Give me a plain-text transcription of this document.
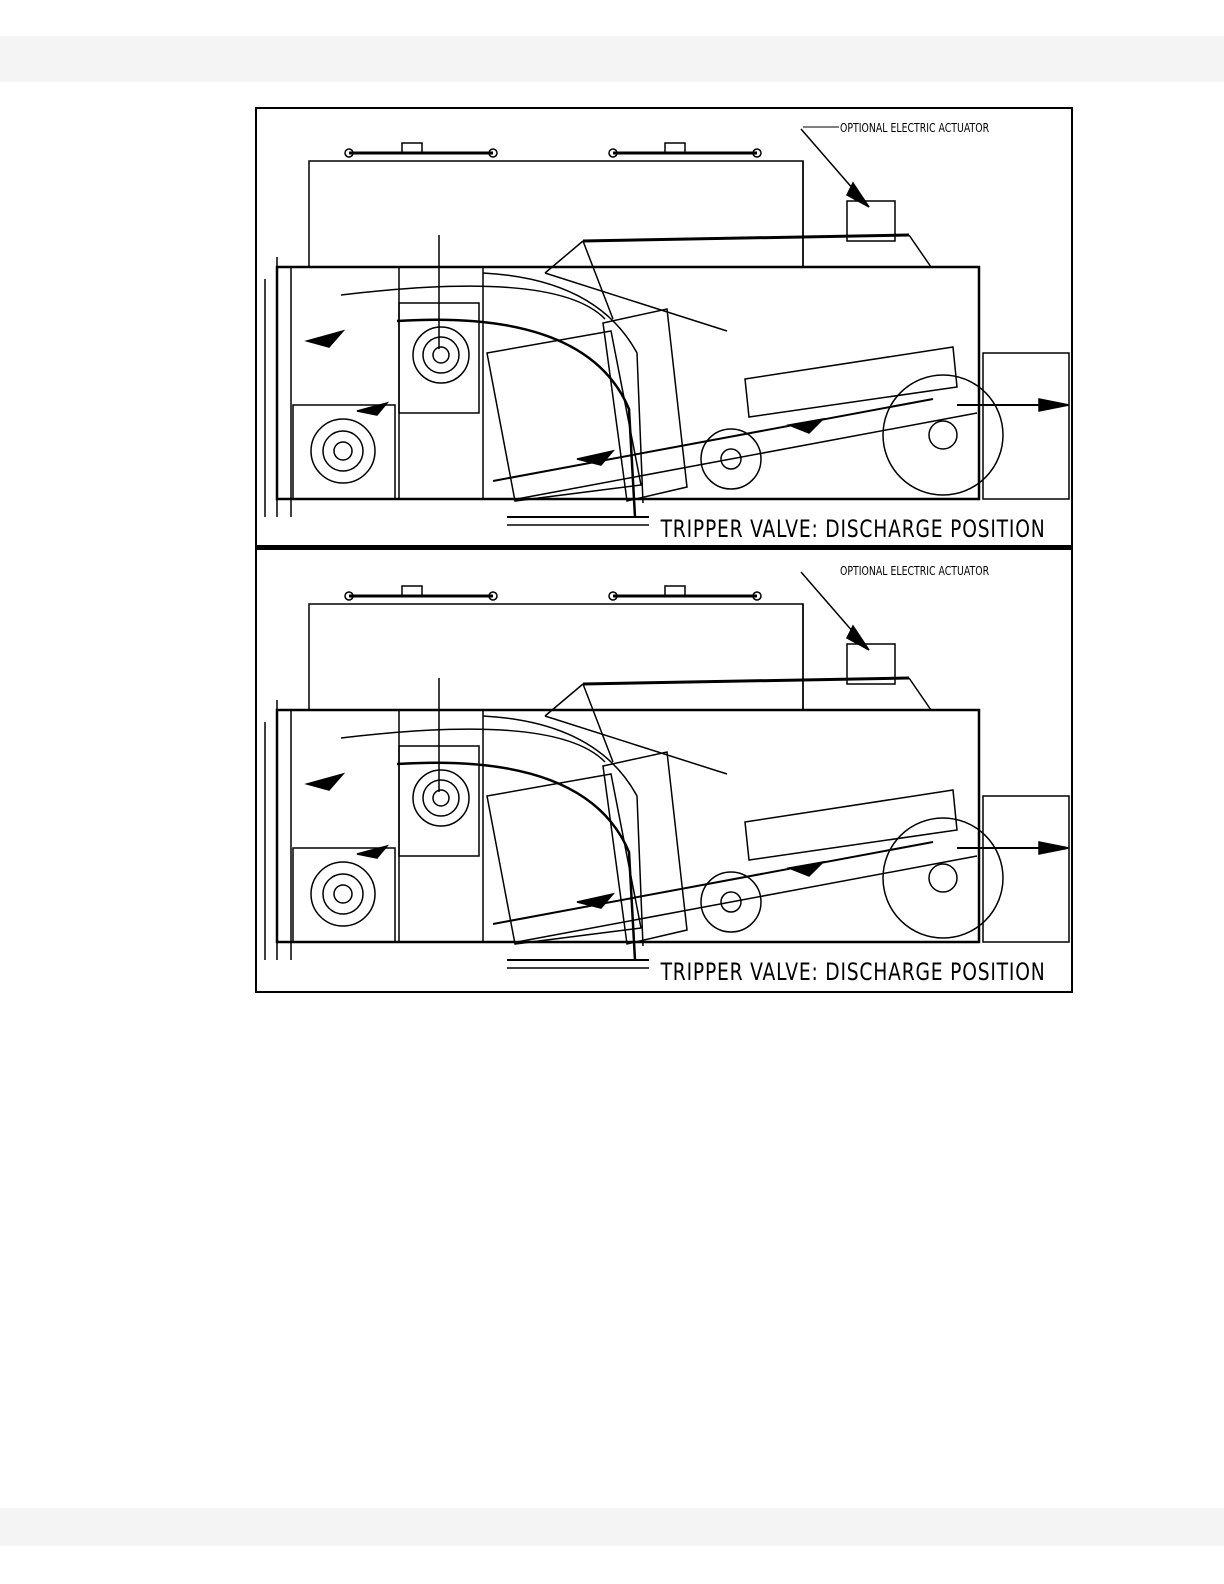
OPTIONAL ELECTRIC ACTUATOR
TRIPPER VALVE: DISCHARGE POSITION
OPTIONAL ELECTRIC ACTUATOR
TRIPPER VALVE: DISCHARGE POSITION
